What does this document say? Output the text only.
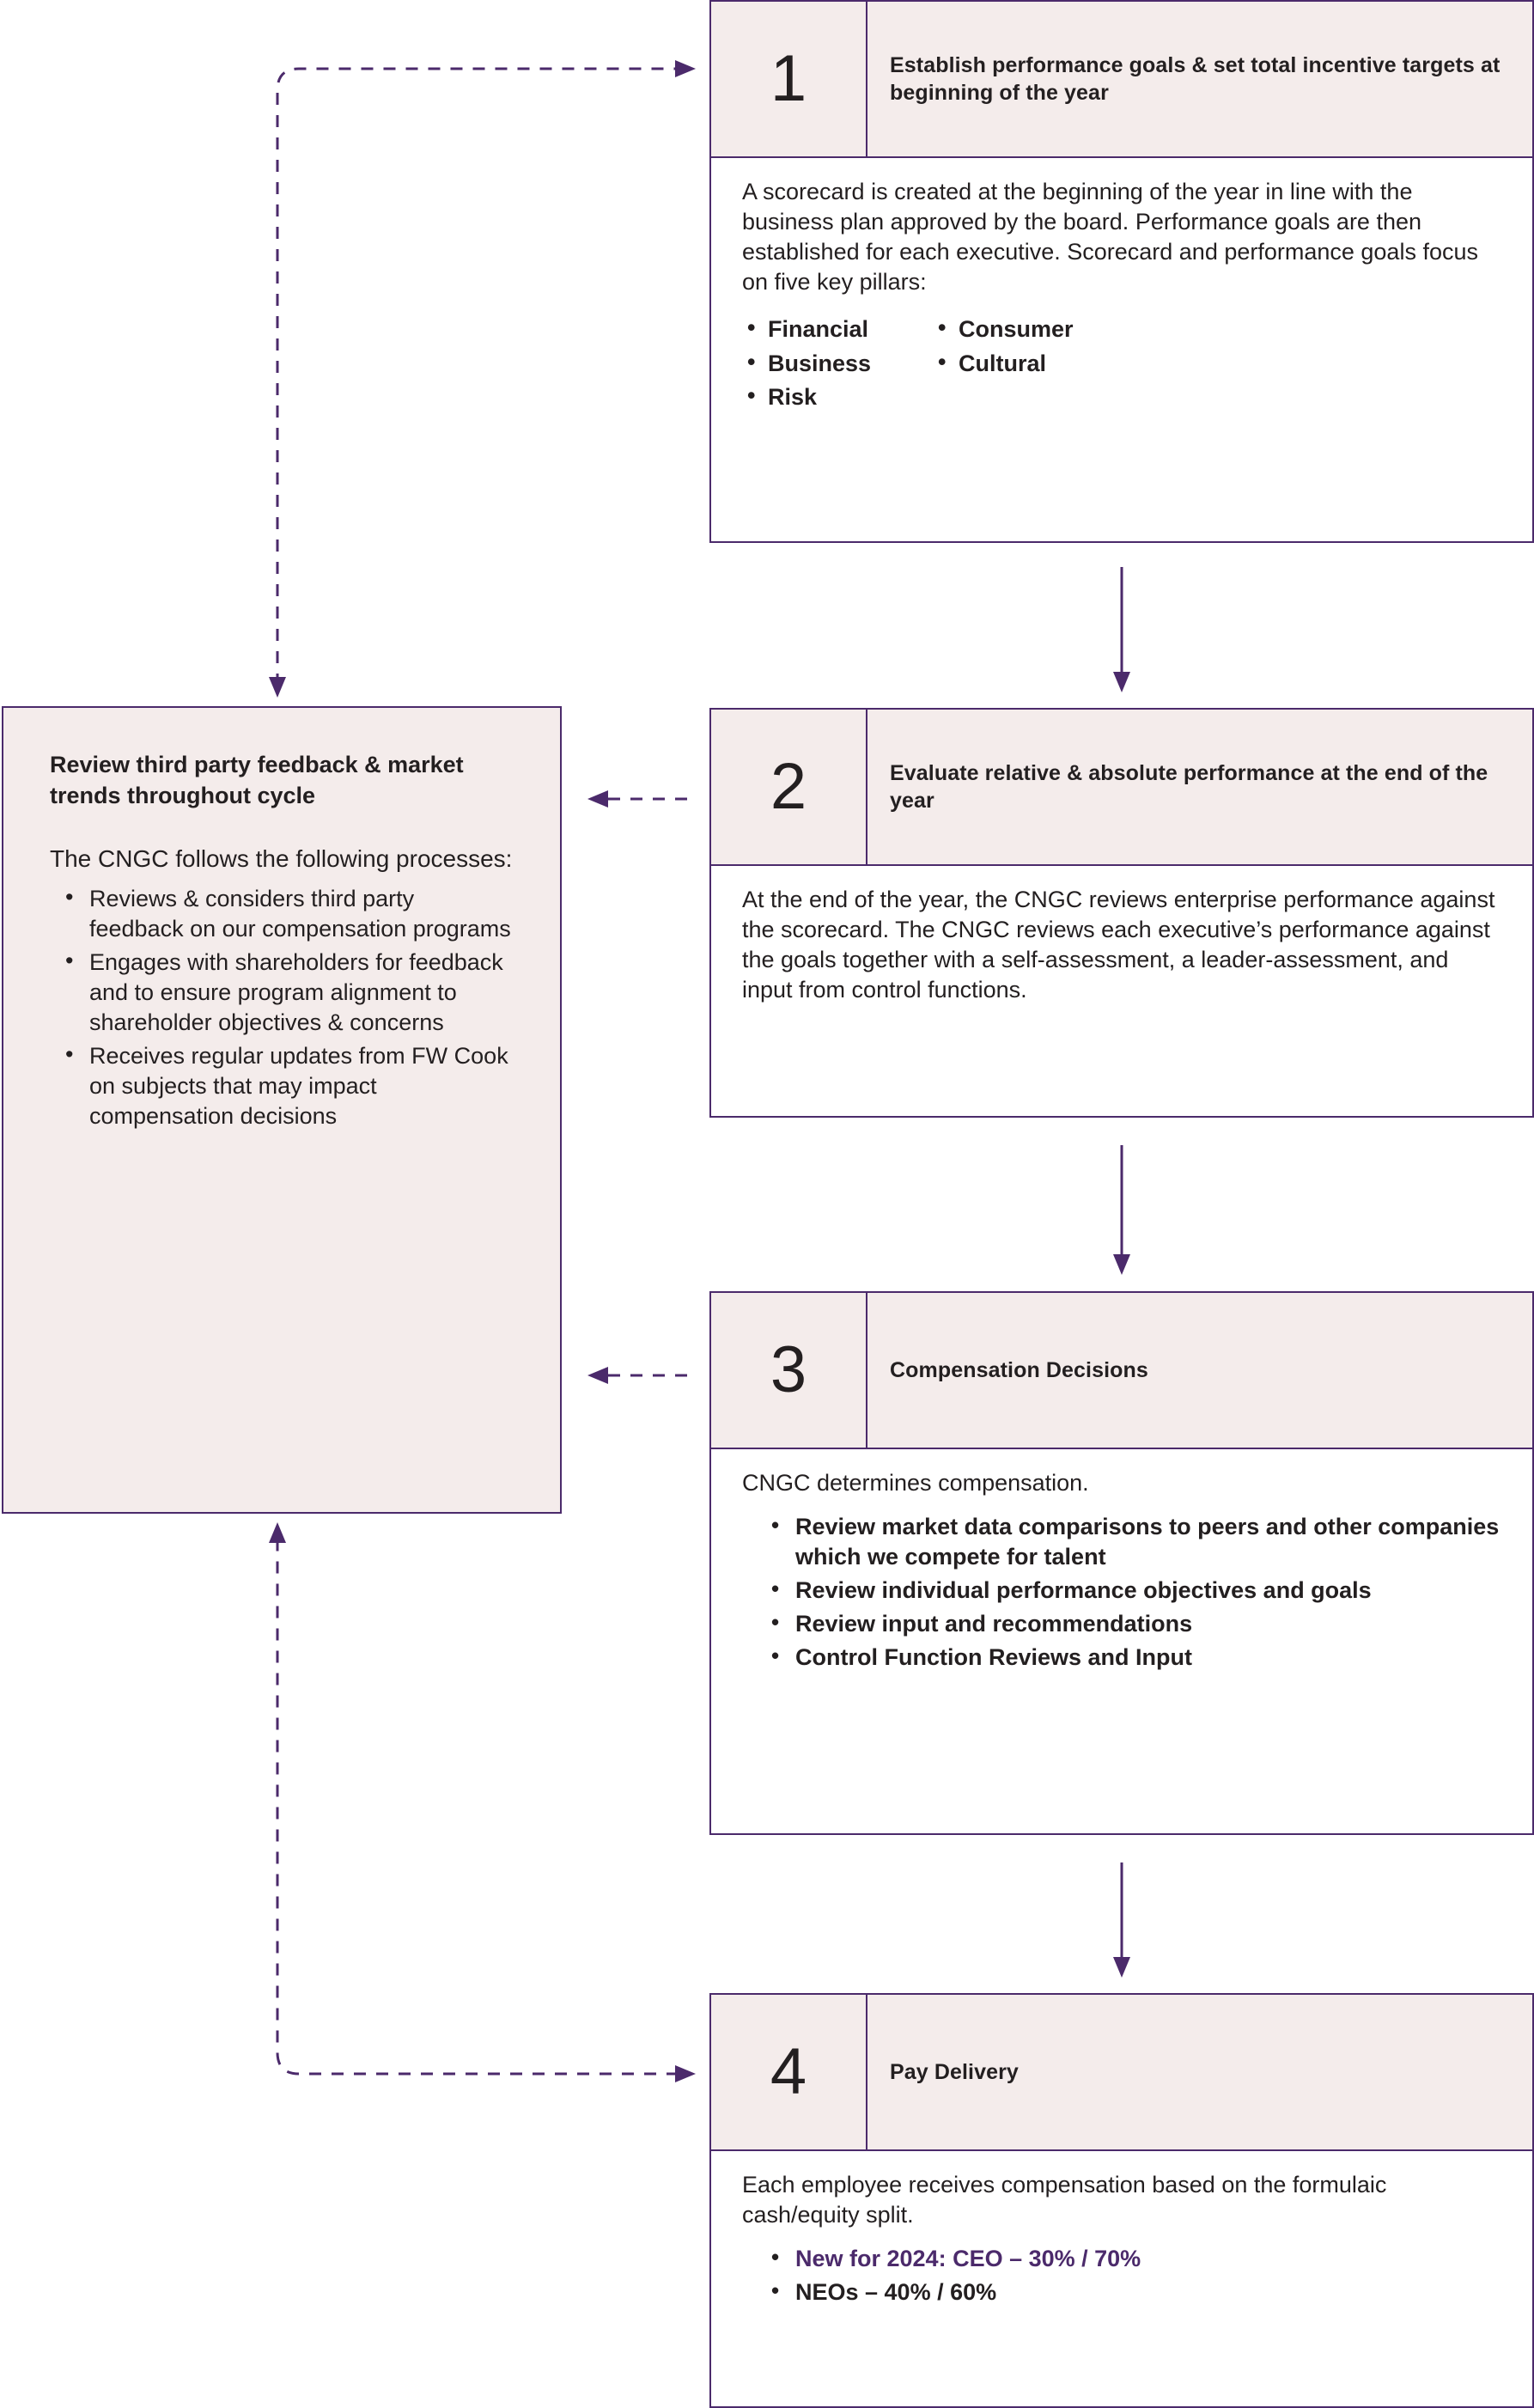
1	Establish performance goals & set total incentive targets at beginning of the year

A scorecard is created at the beginning of the year in line with the business plan approved by the board. Performance goals are then established for each executive. Scorecard and performance goals focus on five key pillars:

• Financial
• Business
• Risk
• Consumer
• Cultural
2	Evaluate relative & absolute performance at the end of the year

At the end of the year, the CNGC reviews enterprise performance against the scorecard. The CNGC reviews each executive’s performance against the goals together with a self-assessment, a leader-assessment, and input from control functions.

3	Compensation Decisions

CNGC determines compensation.

• Review market data comparisons to peers and other companies which we compete for talent
• Review individual performance objectives and goals
• Review input and recommendations
• Control Function Reviews and Input
4	Pay Delivery

Each employee receives compensation based on the formulaic cash/equity split.

• New for 2024: CEO – 30% / 70%
• NEOs – 40% / 60%
Review third party feedback & market trends throughout cycle

The CNGC follows the following processes:

• Reviews & considers third party feedback on our compensation programs
• Engages with shareholders for feedback and to ensure program alignment to shareholder objectives & concerns
• Receives regular updates from FW Cook on subjects that may impact compensation decisions
